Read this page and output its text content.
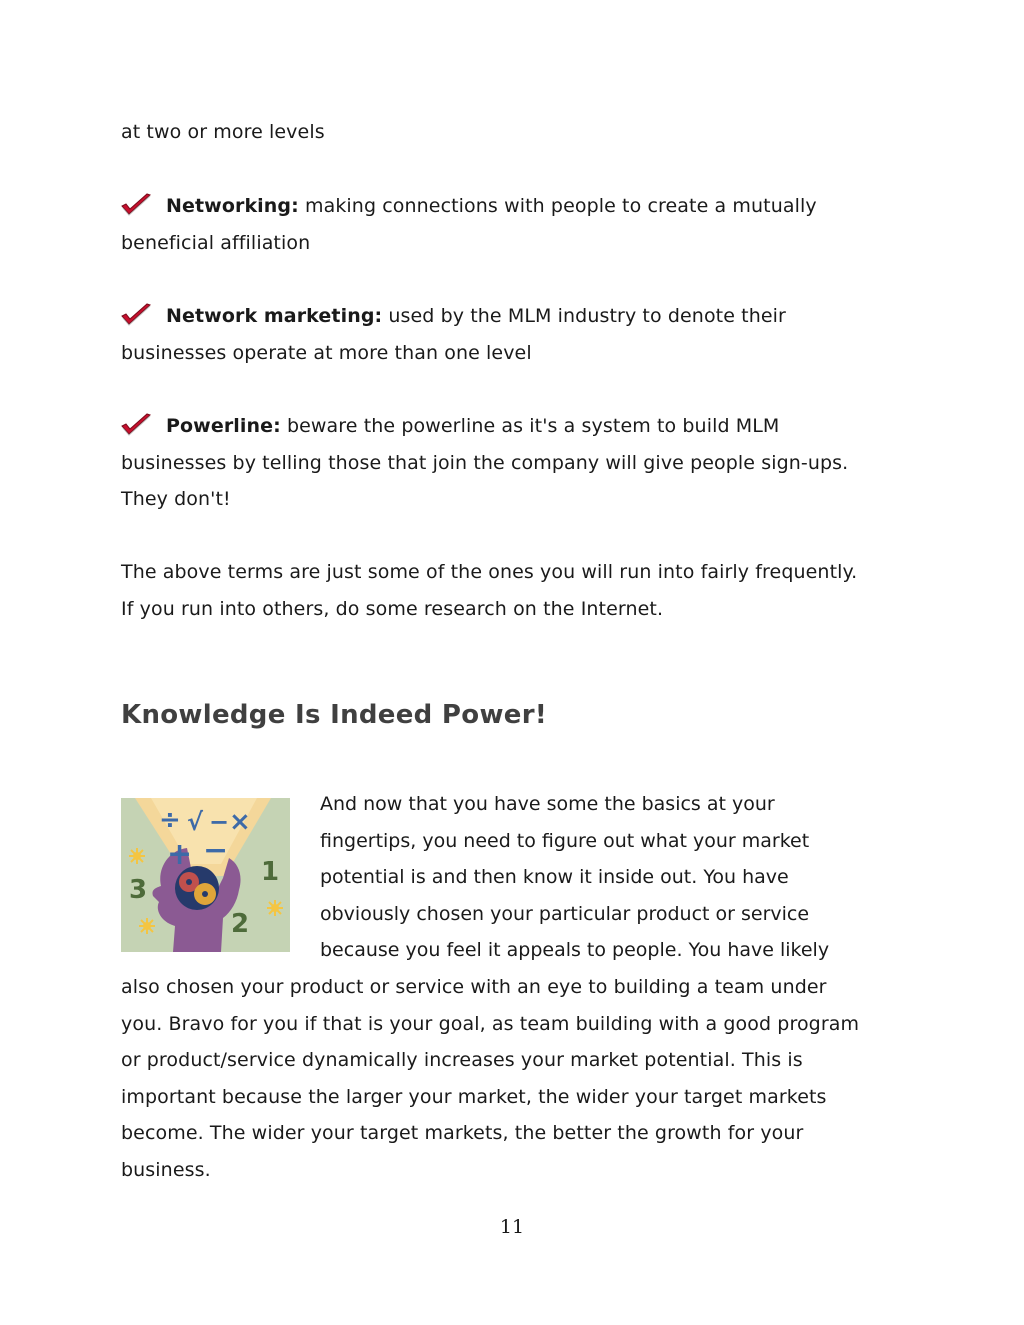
at two or more levels

Networking: making connections with people to create a mutually
beneficial affiliation
Network marketing: used by the MLM industry to denote their
businesses operate at more than one level
Powerline: beware the powerline as it's a system to build MLM
businesses by telling those that join the company will give people sign-ups.
They don't!
The above terms are just some of the ones you will run into fairly frequently.
If you run into others, do some research on the Internet.
Knowledge Is Indeed Power!
÷ √ − ×
+ −
3
1
2
And now that you have some the basics at your
fingertips, you need to figure out what your market
potential is and then know it inside out. You have
obviously chosen your particular product or service
because you feel it appeals to people. You have likely
also chosen your product or service with an eye to building a team under
you. Bravo for you if that is your goal, as team building with a good program
or product/service dynamically increases your market potential. This is
important because the larger your market, the wider your target markets
become. The wider your target markets, the better the growth for your
business.
11
